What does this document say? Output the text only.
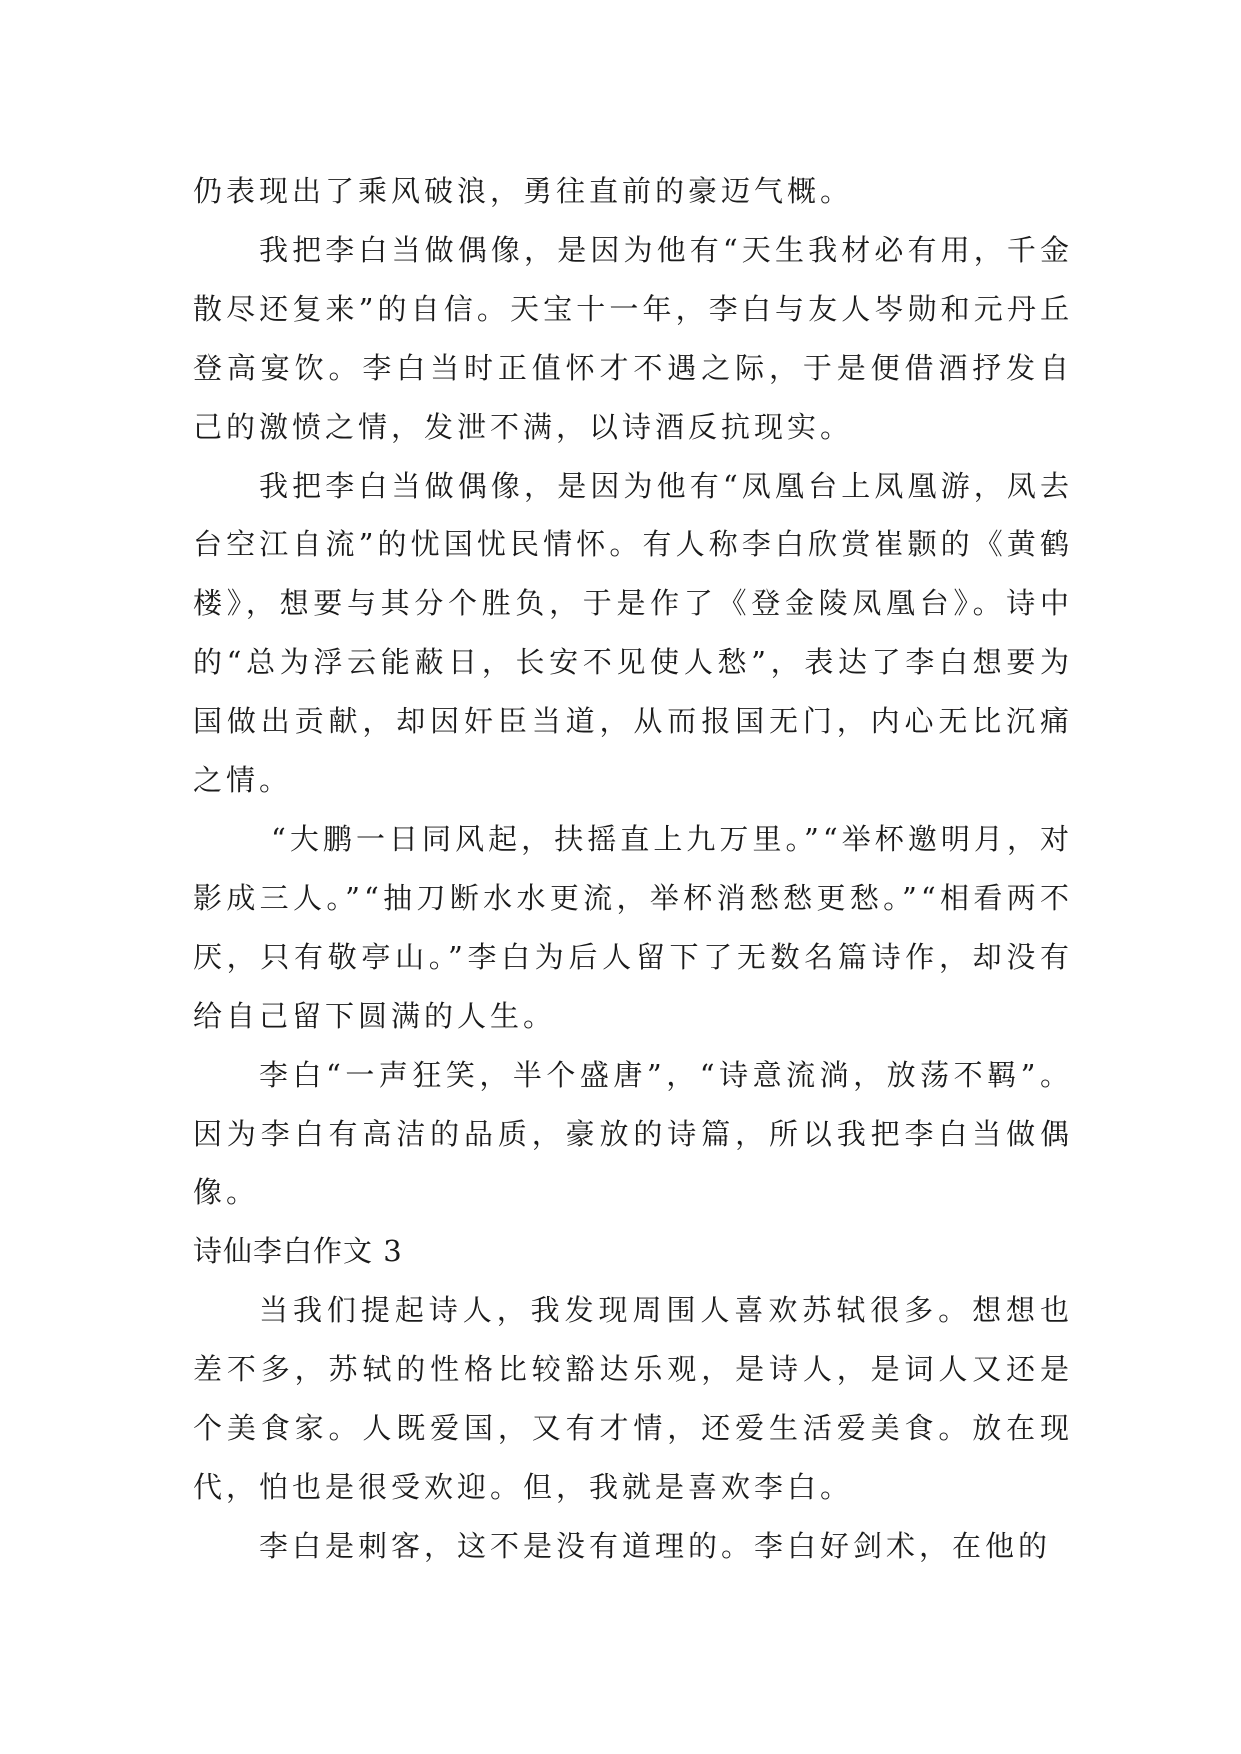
仍表现出了乘风破浪，勇往直前的豪迈气概。

我把李白当做偶像，是因为他有“天生我材必有用，千金散尽还复来”的自信。天宝十一年，李白与友人岑勋和元丹丘登高宴饮。李白当时正值怀才不遇之际，于是便借酒抒发自己的激愤之情，发泄不满，以诗酒反抗现实。

我把李白当做偶像，是因为他有“凤凰台上凤凰游，凤去台空江自流”的忧国忧民情怀。有人称李白欣赏崔颢的《黄鹤楼》，想要与其分个胜负，于是作了《登金陵凤凰台》。诗中的“总为浮云能蔽日，长安不见使人愁”，表达了李白想要为国做出贡献，却因奸臣当道，从而报国无门，内心无比沉痛之情。

“大鹏一日同风起，扶摇直上九万里。”“举杯邀明月，对影成三人。”“抽刀断水水更流，举杯消愁愁更愁。”“相看两不厌，只有敬亭山。”李白为后人留下了无数名篇诗作，却没有给自己留下圆满的人生。

李白“一声狂笑，半个盛唐”，“诗意流淌，放荡不羁”。因为李白有高洁的品质，豪放的诗篇，所以我把李白当做偶像。

诗仙李白作文 3

当我们提起诗人，我发现周围人喜欢苏轼很多。想想也差不多，苏轼的性格比较豁达乐观，是诗人，是词人又还是个美食家。人既爱国，又有才情，还爱生活爱美食。放在现代，怕也是很受欢迎。但，我就是喜欢李白。

李白是刺客，这不是没有道理的。李白好剑术，在他的
